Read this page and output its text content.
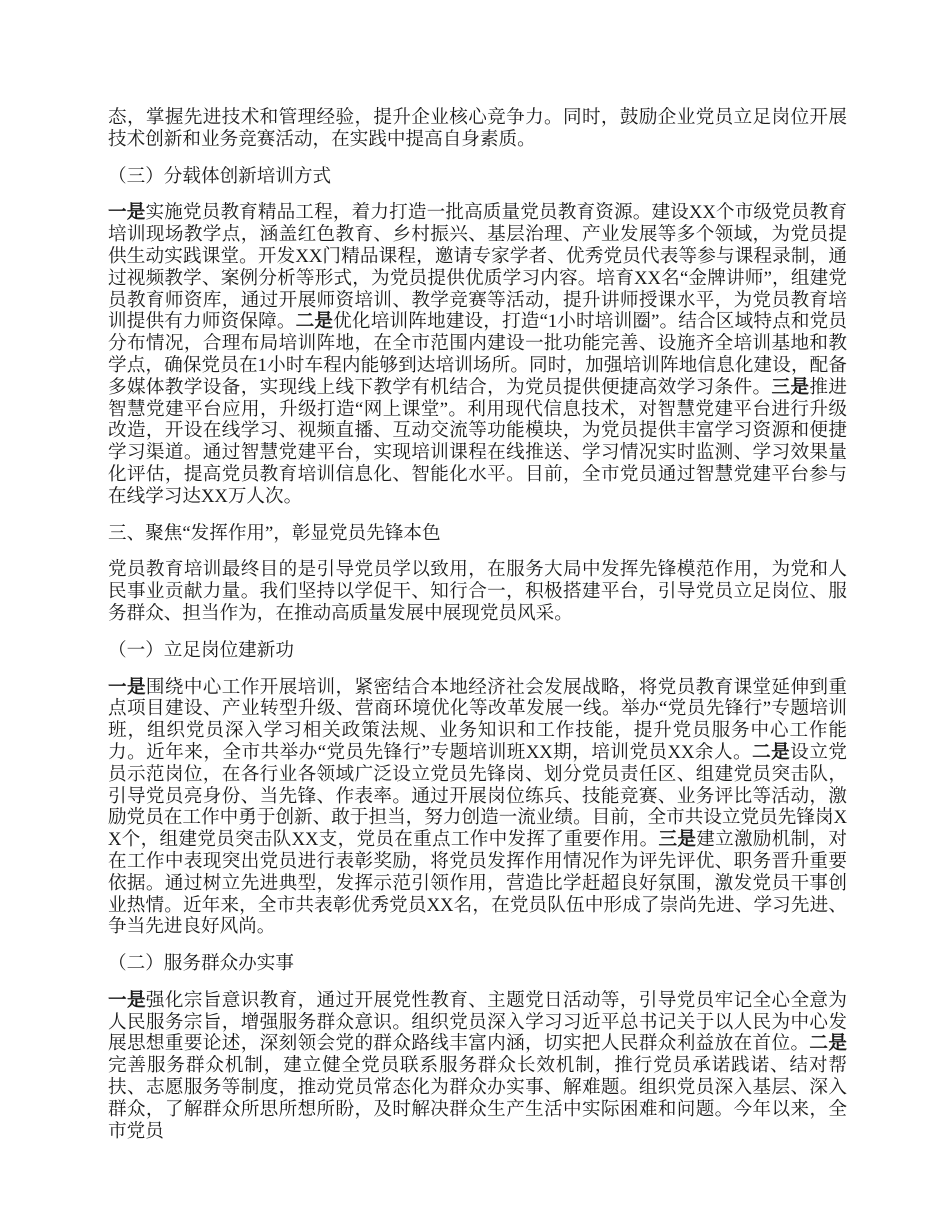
态，掌握先进技术和管理经验，提升企业核心竞争力。同时，鼓励企业党员立足岗位开展技术创新和业务竞赛活动，在实践中提高自身素质。

（三）分载体创新培训方式

一是实施党员教育精品工程，着力打造一批高质量党员教育资源。建设XX个市级党员教育培训现场教学点，涵盖红色教育、乡村振兴、基层治理、产业发展等多个领域，为党员提供生动实践课堂。开发XX门精品课程，邀请专家学者、优秀党员代表等参与课程录制，通过视频教学、案例分析等形式，为党员提供优质学习内容。培育XX名“金牌讲师”，组建党员教育师资库，通过开展师资培训、教学竞赛等活动，提升讲师授课水平，为党员教育培训提供有力师资保障。二是优化培训阵地建设，打造“1小时培训圈”。结合区域特点和党员分布情况，合理布局培训阵地，在全市范围内建设一批功能完善、设施齐全培训基地和教学点，确保党员在1小时车程内能够到达培训场所。同时，加强培训阵地信息化建设，配备多媒体教学设备，实现线上线下教学有机结合，为党员提供便捷高效学习条件。三是推进智慧党建平台应用，升级打造“网上课堂”。利用现代信息技术，对智慧党建平台进行升级改造，开设在线学习、视频直播、互动交流等功能模块，为党员提供丰富学习资源和便捷学习渠道。通过智慧党建平台，实现培训课程在线推送、学习情况实时监测、学习效果量化评估，提高党员教育培训信息化、智能化水平。目前，全市党员通过智慧党建平台参与在线学习达XX万人次。

三、聚焦“发挥作用”，彰显党员先锋本色

党员教育培训最终目的是引导党员学以致用，在服务大局中发挥先锋模范作用，为党和人民事业贡献力量。我们坚持以学促干、知行合一，积极搭建平台，引导党员立足岗位、服务群众、担当作为，在推动高质量发展中展现党员风采。

（一）立足岗位建新功

一是围绕中心工作开展培训，紧密结合本地经济社会发展战略，将党员教育课堂延伸到重点项目建设、产业转型升级、营商环境优化等改革发展一线。举办“党员先锋行”专题培训班，组织党员深入学习相关政策法规、业务知识和工作技能，提升党员服务中心工作能力。近年来，全市共举办“党员先锋行”专题培训班XX期，培训党员XX余人。二是设立党员示范岗位，在各行业各领域广泛设立党员先锋岗、划分党员责任区、组建党员突击队，引导党员亮身份、当先锋、作表率。通过开展岗位练兵、技能竞赛、业务评比等活动，激励党员在工作中勇于创新、敢于担当，努力创造一流业绩。目前，全市共设立党员先锋岗XX个，组建党员突击队XX支，党员在重点工作中发挥了重要作用。三是建立激励机制，对在工作中表现突出党员进行表彰奖励，将党员发挥作用情况作为评先评优、职务晋升重要依据。通过树立先进典型，发挥示范引领作用，营造比学赶超良好氛围，激发党员干事创业热情。近年来，全市共表彰优秀党员XX名，在党员队伍中形成了崇尚先进、学习先进、争当先进良好风尚。

（二）服务群众办实事

一是强化宗旨意识教育，通过开展党性教育、主题党日活动等，引导党员牢记全心全意为人民服务宗旨，增强服务群众意识。组织党员深入学习习近平总书记关于以人民为中心发展思想重要论述，深刻领会党的群众路线丰富内涵，切实把人民群众利益放在首位。二是完善服务群众机制，建立健全党员联系服务群众长效机制，推行党员承诺践诺、结对帮扶、志愿服务等制度，推动党员常态化为群众办实事、解难题。组织党员深入基层、深入群众，了解群众所思所想所盼，及时解决群众生产生活中实际困难和问题。今年以来，全市党员
